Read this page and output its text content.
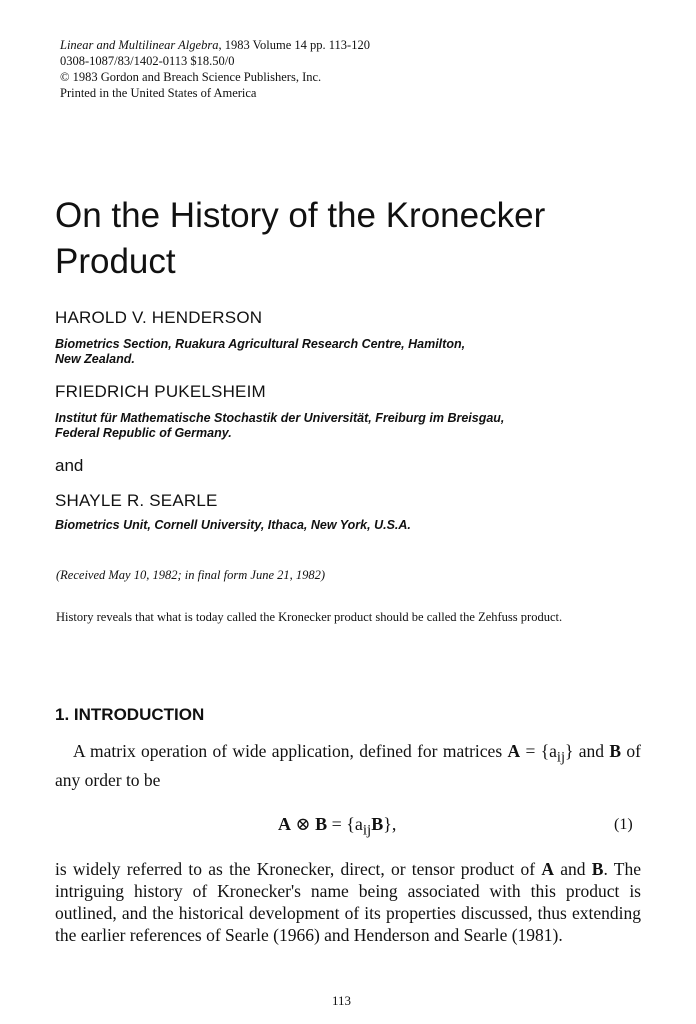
Linear and Multilinear Algebra, 1983 Volume 14 pp. 113-120
0308-1087/83/1402-0113 $18.50/0
© 1983 Gordon and Breach Science Publishers, Inc.
Printed in the United States of America
On the History of the Kronecker
Product
HAROLD V. HENDERSON
Biometrics Section, Ruakura Agricultural Research Centre, Hamilton,
New Zealand.
FRIEDRICH PUKELSHEIM
Institut für Mathematische Stochastik der Universität, Freiburg im Breisgau,
Federal Republic of Germany.
and
SHAYLE R. SEARLE
Biometrics Unit, Cornell University, Ithaca, New York, U.S.A.
(Received May 10, 1982; in final form June 21, 1982)
History reveals that what is today called the Kronecker product should be called the Zehfuss product.
1. INTRODUCTION
A matrix operation of wide application, defined for matrices $A = \{a_{ij}\}$ and B of any order to be
A ⊗ $B = \{a_{ij}B\}$,	(1)
is widely referred to as the Kronecker, direct, or tensor product of A and B. The intriguing history of Kronecker's name being associated with this product is outlined, and the historical development of its properties discussed, thus extending the earlier references of Searle (1966) and Henderson and Searle (1981).
113
